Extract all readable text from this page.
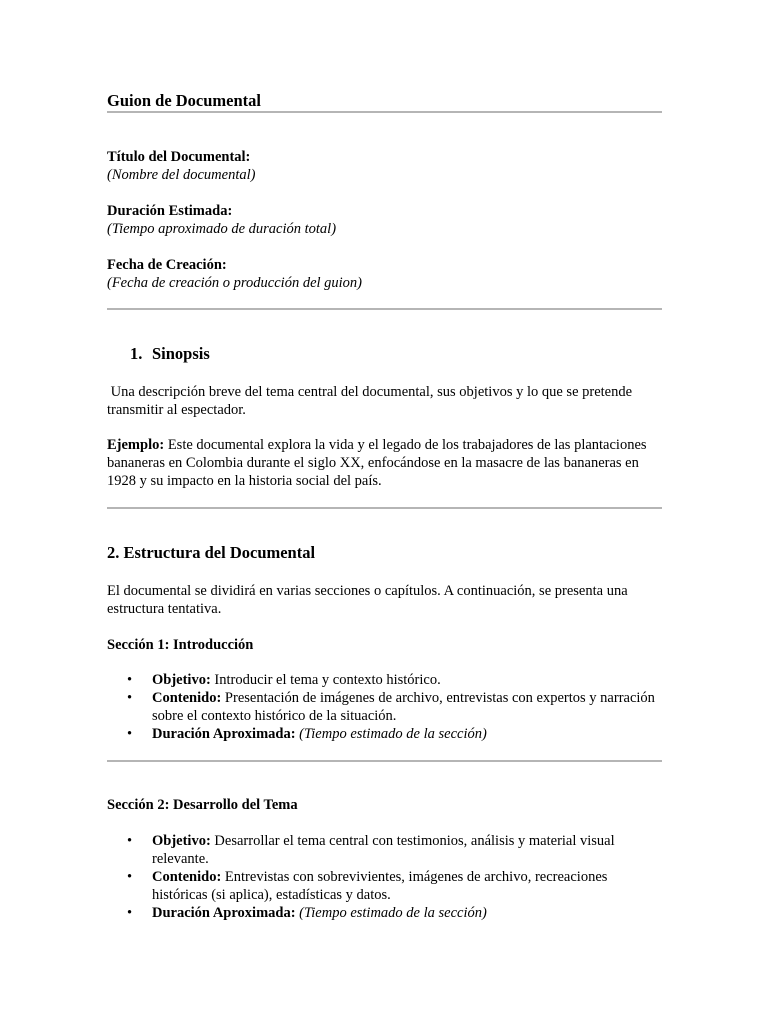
Guion de Documental
Título del Documental:
(Nombre del documental)
Duración Estimada:
(Tiempo aproximado de duración total)
Fecha de Creación:
(Fecha de creación o producción del guion)
1. Sinopsis

Una descripción breve del tema central del documental, sus objetivos y lo que se pretende transmitir al espectador.

Ejemplo: Este documental explora la vida y el legado de los trabajadores de las plantaciones bananeras en Colombia durante el siglo XX, enfocándose en la masacre de las bananeras en 1928 y su impacto en la historia social del país.

2. Estructura del Documental

El documental se dividirá en varias secciones o capítulos. A continuación, se presenta una estructura tentativa.

Sección 1: Introducción
• Objetivo: Introducir el tema y contexto histórico.
• Contenido: Presentación de imágenes de archivo, entrevistas con expertos y narración sobre el contexto histórico de la situación.
• Duración Aproximada: (Tiempo estimado de la sección)
Sección 2: Desarrollo del Tema
• Objetivo: Desarrollar el tema central con testimonios, análisis y material visual relevante.
• Contenido: Entrevistas con sobrevivientes, imágenes de archivo, recreaciones históricas (si aplica), estadísticas y datos.
• Duración Aproximada: (Tiempo estimado de la sección)
